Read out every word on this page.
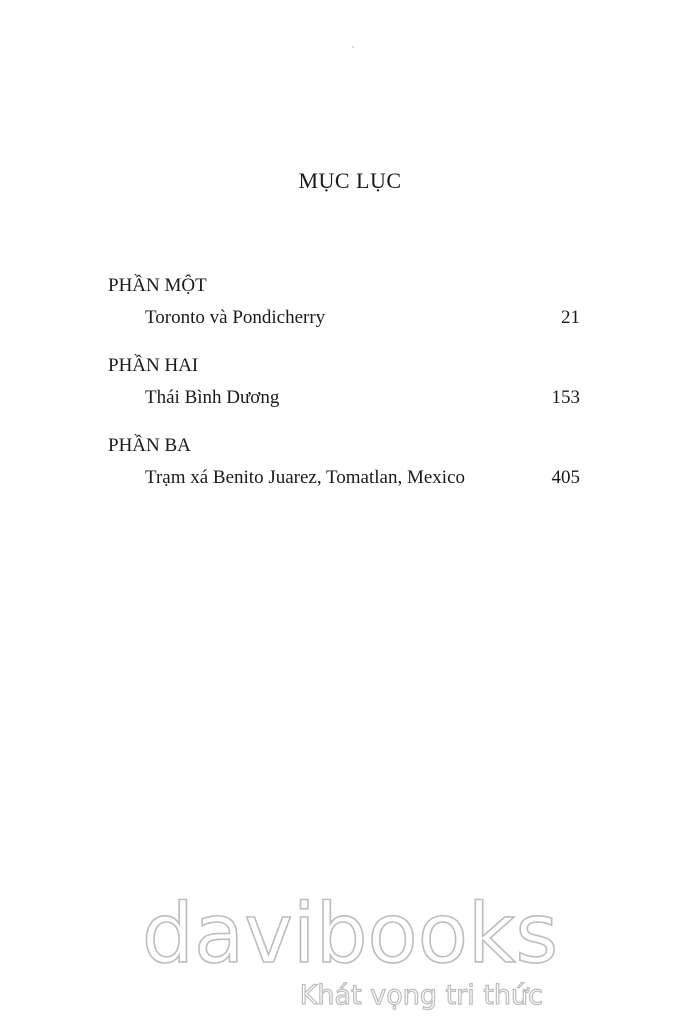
MỤC LỤC
PHẦN MỘT
Toronto và Pondicherry	21
PHẦN HAI
Thái Bình Dương	153
PHẦN BA
Trạm xá Benito Juarez, Tomatlan, Mexico	405
davibooks
Khát vọng tri thức
